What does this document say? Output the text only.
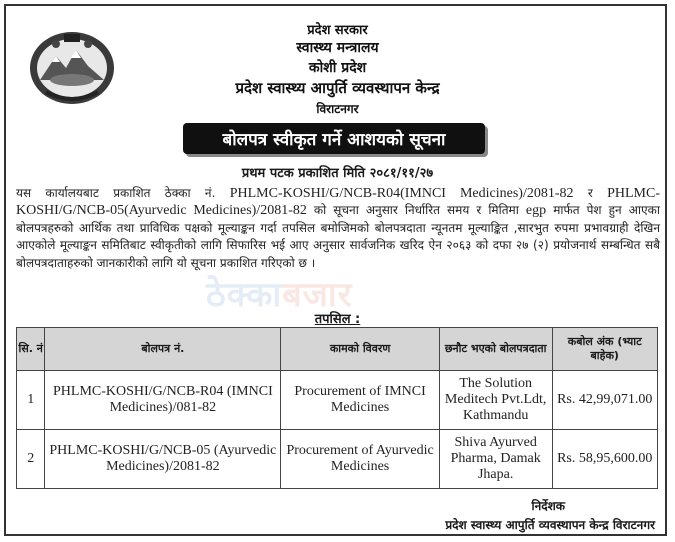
प्रदेश सरकार
स्वास्थ्य मन्त्रालय
कोशी प्रदेश
प्रदेश स्वास्थ्य आपुर्ति व्यवस्थापन केन्द्र
विराटनगर
बोलपत्र स्वीकृत गर्ने आशयको सूचना
प्रथम पटक प्रकाशित मिति २०८१/११/२७
यस कार्यालयबाट प्रकाशित ठेक्का नं. PHLMC-KOSHI/G/NCB-R04(IMNCI Medicines)/2081-82 र PHLMC-KOSHI/G/NCB-05(Ayurvedic Medicines)/2081-82 को सूचना अनुसार निर्धारित समय र मितिमा egp मार्फत पेश हुन आएका बोलपत्रहरुको आर्थिक तथा प्राविधिक पक्षको मूल्याङ्कन गर्दा तपसिल बमोजिमको बोलपत्रदाता न्यूनतम मूल्याङ्कित ,सारभुत रुपमा प्रभावग्राही देखिन आएकोले मूल्याङ्कन समितिबाट स्वीकृतीको लागि सिफारिस भई आए अनुसार सार्वजनिक खरिद ऐन २०६३ को दफा २७ (२) प्रयोजनार्थ सम्बन्धित सबै बोलपत्रदाताहरुको जानकारीको लागि यो सूचना प्रकाशित गरिएको छ ।
ठेक्काबजार
तपसिल :
सि. नं	बोलपत्र नं.	कामको विवरण	छनौट भएको बोलपत्रदाता	कबोल अंक (भ्याट बाहेक)
1	PHLMC-KOSHI/G/NCB-R04 (IMNCI Medicines)/081-82	Procurement of IMNCI Medicines	The Solution Meditech Pvt.Ldt, Kathmandu	Rs. 42,99,071.00
2	PHLMC-KOSHI/G/NCB-05 (Ayurvedic Medicines)/2081-82	Procurement of Ayurvedic Medicines	Shiva Ayurved Pharma, Damak Jhapa.	Rs. 58,95,600.00
निर्देशक
प्रदेश स्वास्थ्य आपुर्ति व्यवस्थापन केन्द्र विराटनगर
